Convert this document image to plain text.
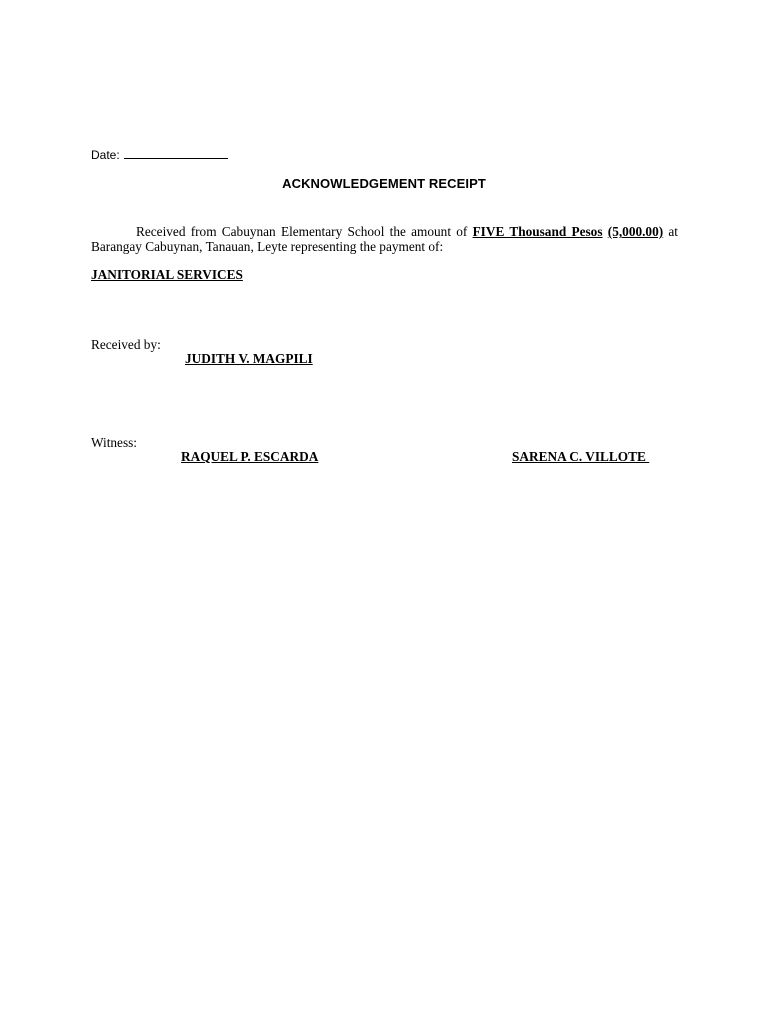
Date:
ACKNOWLEDGEMENT RECEIPT
Received from Cabuynan Elementary School the amount of FIVE Thousand Pesos (5,000.00) at Barangay Cabuynan, Tanauan, Leyte representing the payment of:
JANITORIAL SERVICES
Received by:
JUDITH V. MAGPILI
Witness:
RAQUEL P. ESCARDA	SARENA C. VILLOTE
